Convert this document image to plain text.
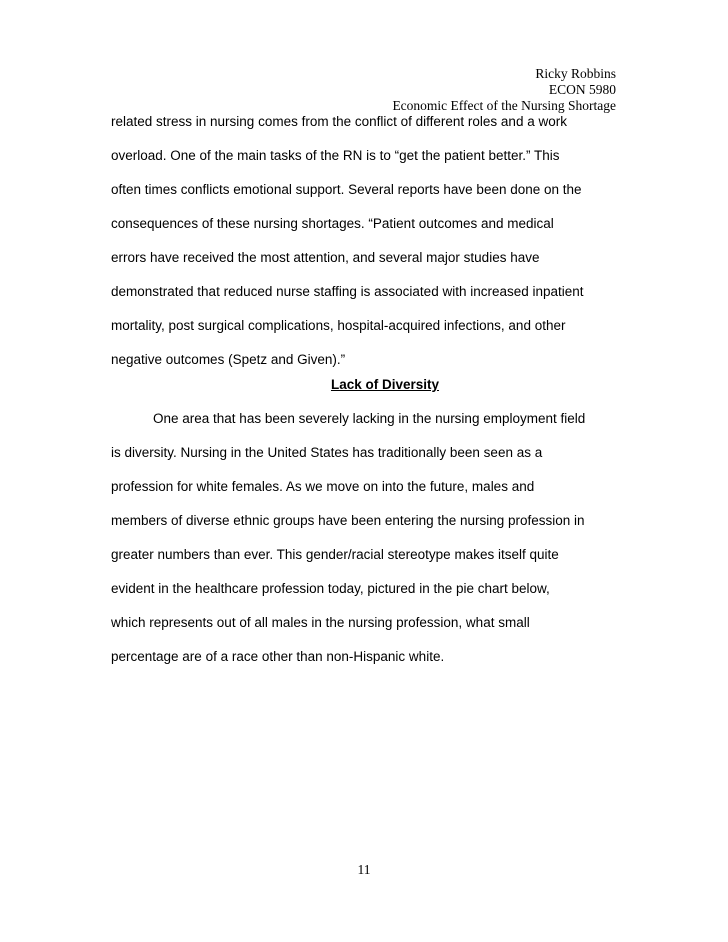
Ricky Robbins
ECON 5980
Economic Effect of the Nursing Shortage
related stress in nursing comes from the conflict of different roles and a work
overload. One of the main tasks of the RN is to “get the patient better.” This
often times conflicts emotional support. Several reports have been done on the
consequences of these nursing shortages. “Patient outcomes and medical
errors have received the most attention, and several major studies have
demonstrated that reduced nurse staffing is associated with increased inpatient
mortality, post surgical complications, hospital-acquired infections, and other
negative outcomes (Spetz and Given).”
Lack of Diversity
One area that has been severely lacking in the nursing employment field
is diversity. Nursing in the United States has traditionally been seen as a
profession for white females. As we move on into the future, males and
members of diverse ethnic groups have been entering the nursing profession in
greater numbers than ever. This gender/racial stereotype makes itself quite
evident in the healthcare profession today, pictured in the pie chart below,
which represents out of all males in the nursing profession, what small
percentage are of a race other than non-Hispanic white.
11
